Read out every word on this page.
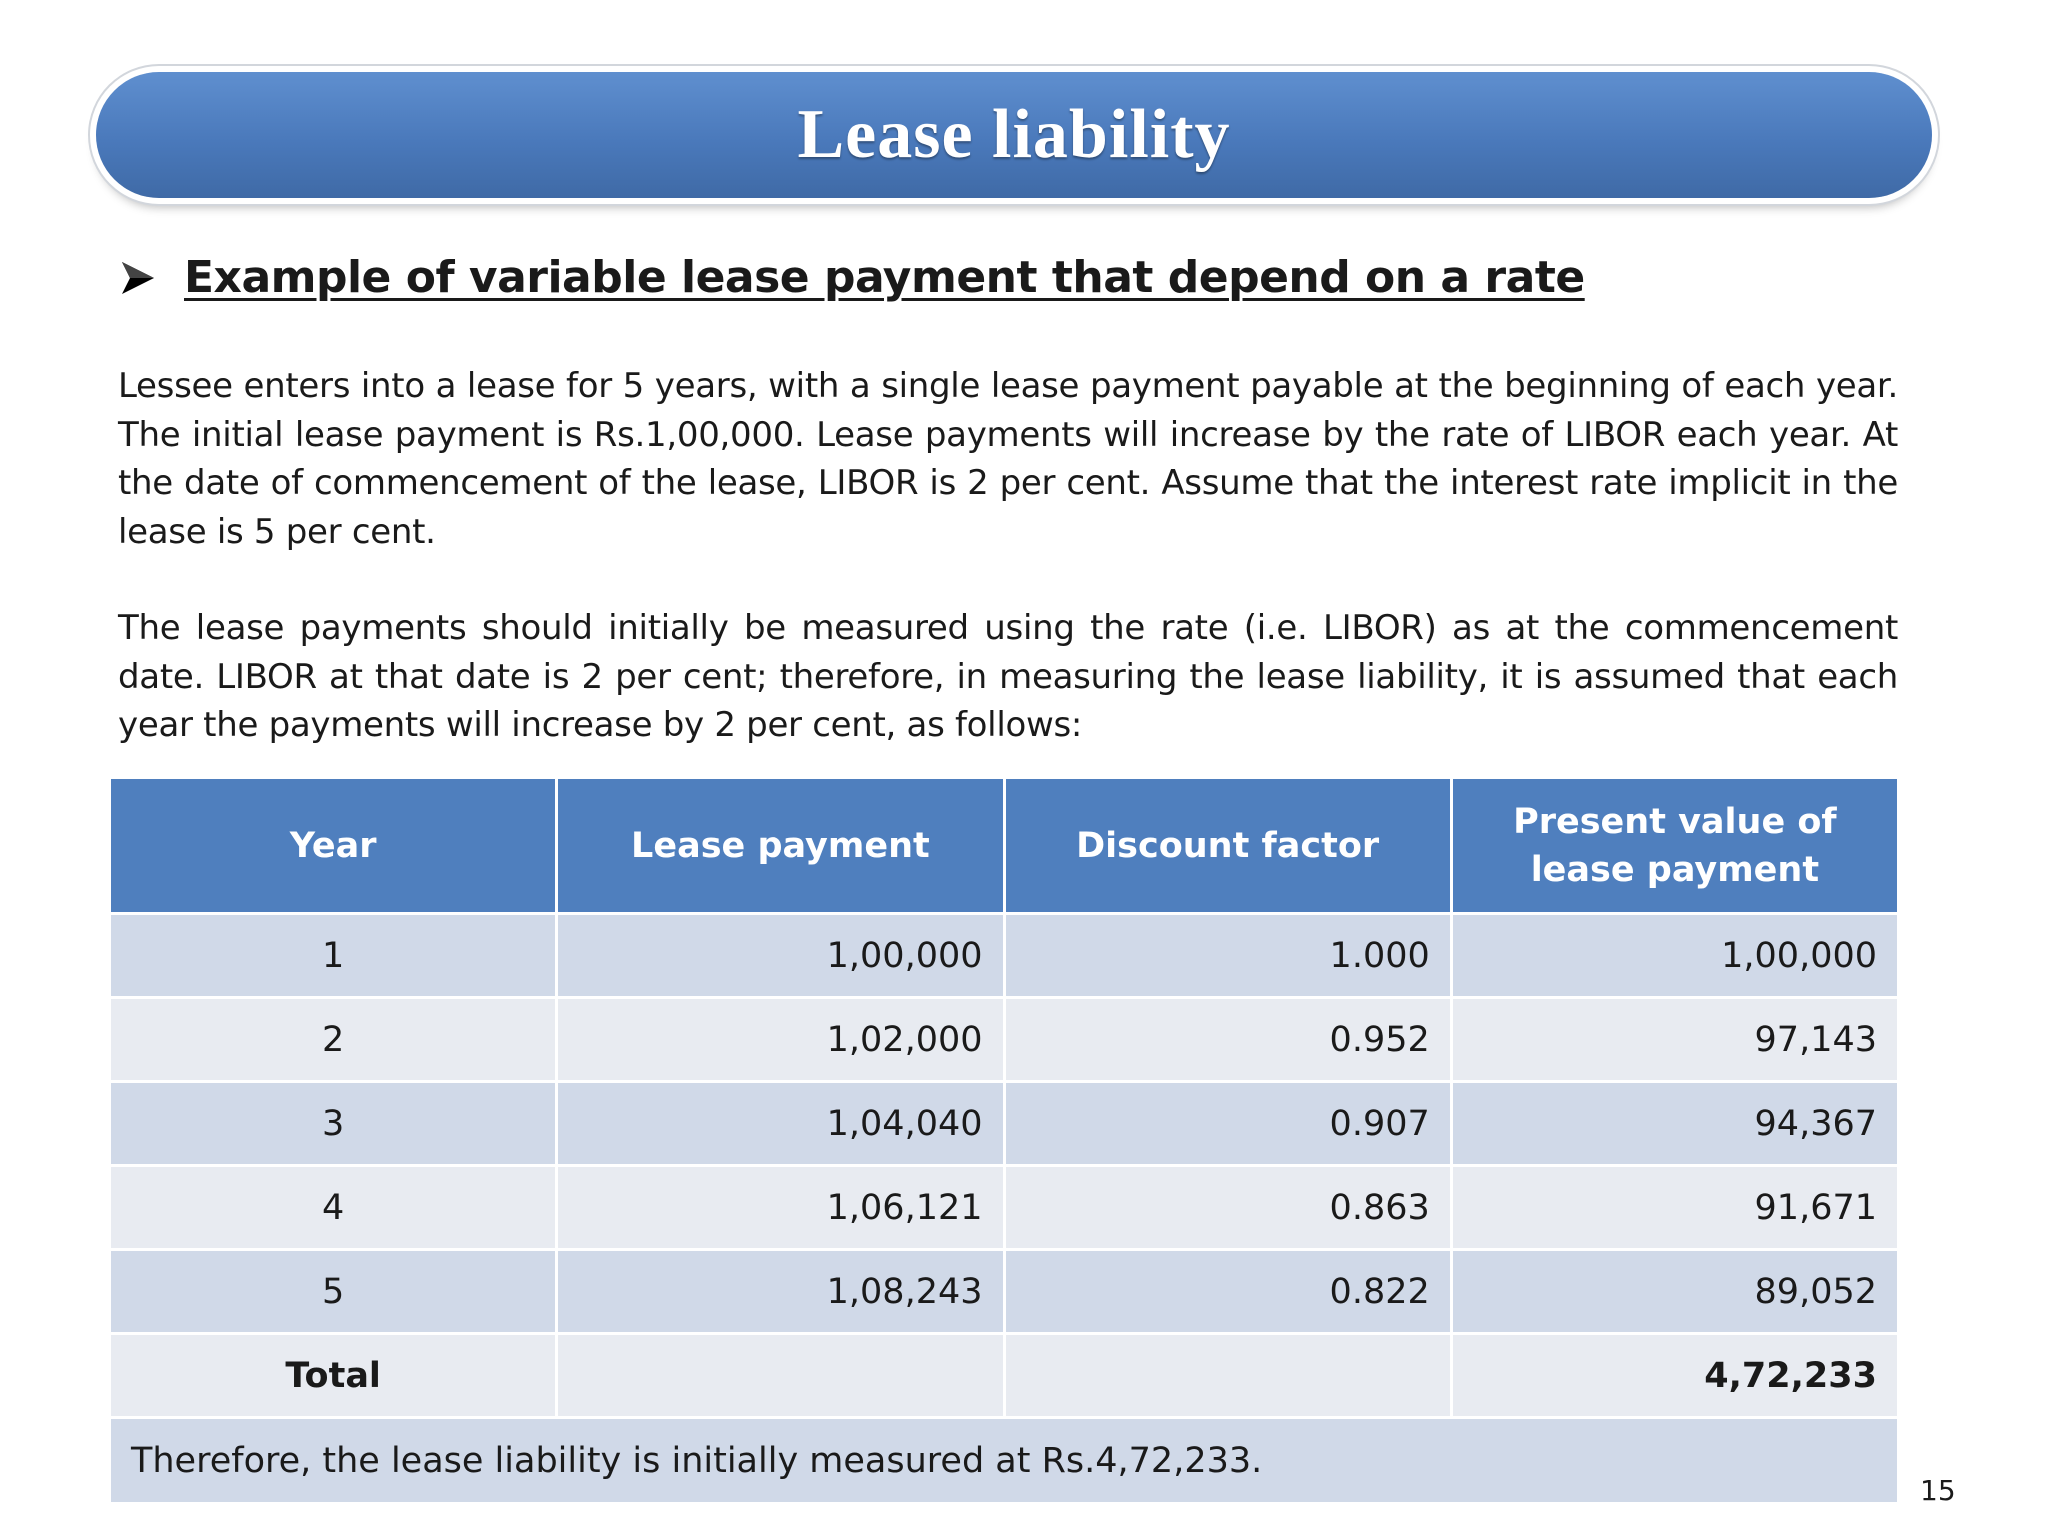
Lease liability
Example of variable lease payment that depend on a rate

Lessee enters into a lease for 5 years, with a single lease payment payable at the beginning of each year. The initial lease payment is Rs.1,00,000. Lease payments will increase by the rate of LIBOR each year. At the date of commencement of the lease, LIBOR is 2 per cent. Assume that the interest rate implicit in the lease is 5 per cent.

The lease payments should initially be measured using the rate (i.e. LIBOR) as at the commencement date. LIBOR at that date is 2 per cent; therefore, in measuring the lease liability, it is assumed that each year the payments will increase by 2 per cent, as follows:

Year	Lease payment	Discount factor	Present value of lease payment
1	1,00,000	1.000	1,00,000
2	1,02,000	0.952	97,143
3	1,04,040	0.907	94,367
4	1,06,121	0.863	91,671
5	1,08,243	0.822	89,052
Total			4,72,233
Therefore, the lease liability is initially measured at Rs.4,72,233.			
15
